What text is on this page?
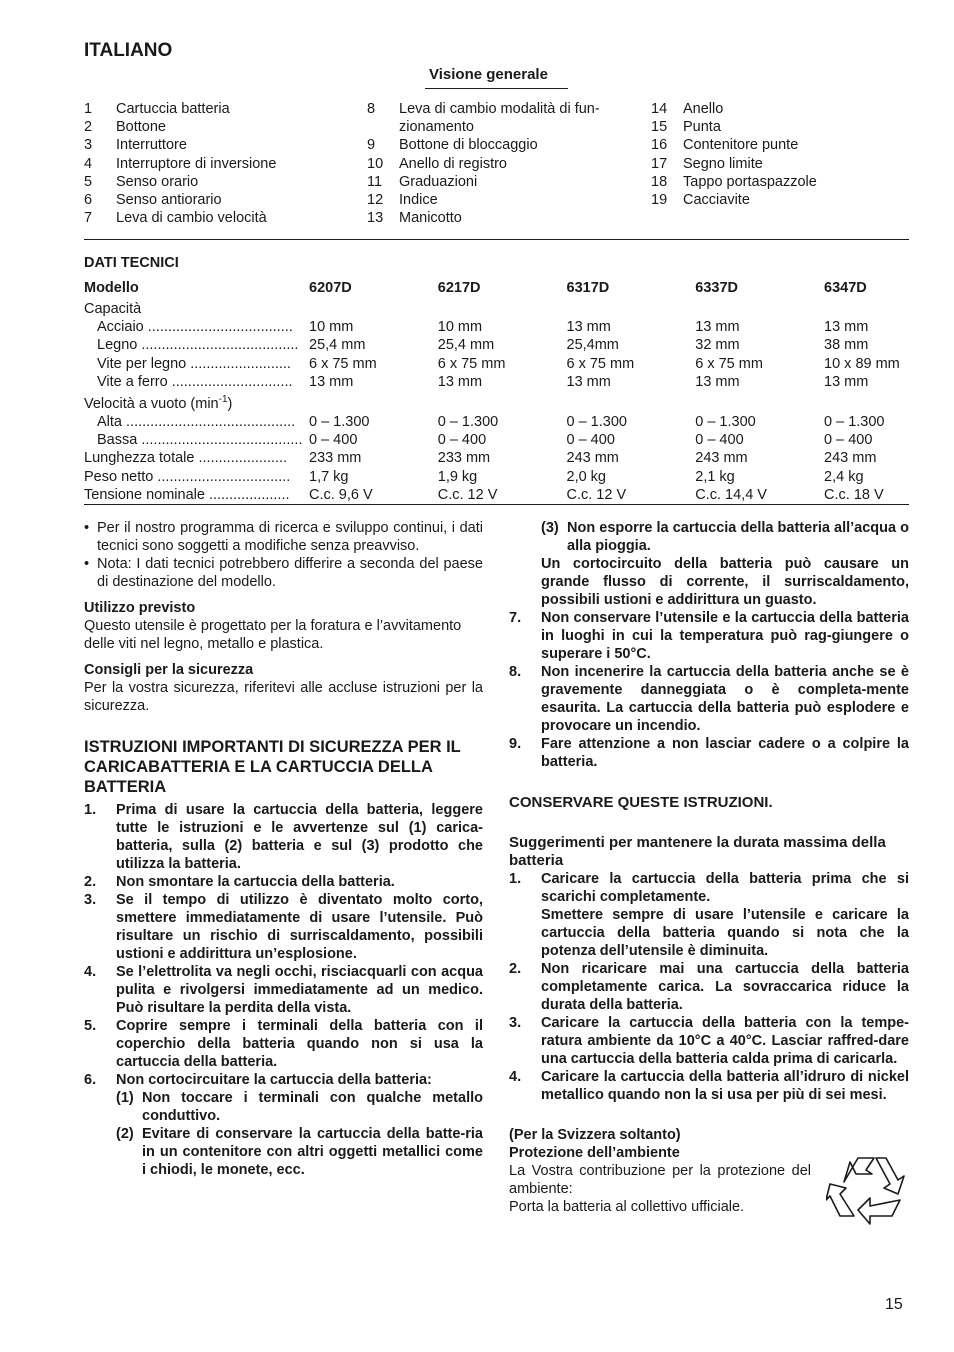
ITALIANO
Visione generale
1	Cartuccia batteria
2	Bottone
3	Interruttore
4	Interruptore di inversione
5	Senso orario
6	Senso antiorario
7	Leva di cambio velocità
8	Leva di cambio modalità di fun-
zionamento
9	Bottone di bloccaggio
10	Anello di registro
11	Graduazioni
12	Indice
13	Manicotto
14	Anello
15	Punta
16	Contenitore punte
17	Segno limite
18	Tappo portaspazzole
19	Cacciavite
DATI TECNICI
Modello	6207D	6217D	6317D	6337D	6347D

Capacità					

Acciaio ....................................	10 mm	10 mm	13 mm	13 mm	13 mm

Legno .......................................	25,4 mm	25,4 mm	25,4mm	32 mm	38 mm

Vite per legno .........................	6 x 75 mm	6 x 75 mm	6 x 75 mm	6 x 75 mm	10 x 89 mm

Vite a ferro ..............................	13 mm	13 mm	13 mm	13 mm	13 mm

Velocità a vuoto $(\min^{-1})$					

Alta ..........................................	0 – 1.300	0 – 1.300	0 – 1.300	0 – 1.300	0 – 1.300

Bassa ........................................	0 – 400	0 – 400	0 – 400	0 – 400	0 – 400

Lunghezza totale ......................	233 mm	233 mm	243 mm	243 mm	243 mm

Peso netto .................................	1,7 kg	1,9 kg	2,0 kg	2,1 kg	2,4 kg

Tensione nominale ....................	C.c. 9,6 V	C.c. 12 V	C.c. 12 V	C.c. 14,4 V	C.c. 18 V
• Per il nostro programma di ricerca e sviluppo continui, i dati tecnici sono soggetti a modifiche senza preavviso.
• Nota: I dati tecnici potrebbero differire a seconda del paese di destinazione del modello.
Utilizzo previsto
Questo utensile è progettato per la foratura e l’avvitamento delle viti nel legno, metallo e plastica.
Consigli per la sicurezza
Per la vostra sicurezza, riferitevi alle accluse istruzioni per la sicurezza.
ISTRUZIONI IMPORTANTI DI SICUREZZA PER IL CARICABATTERIA E LA CARTUCCIA DELLA BATTERIA
1.	Prima di usare la cartuccia della batteria, leggere tutte le istruzioni e le avvertenze sul (1) carica-batteria, sulla (2) batteria e sul (3) prodotto che utilizza la batteria.
2.	Non smontare la cartuccia della batteria.
3.	Se il tempo di utilizzo è diventato molto corto, smettere immediatamente di usare l’utensile. Può risultare un rischio di surriscaldamento, possibili ustioni e addirittura un’esplosione.
4.	Se l’elettrolita va negli occhi, risciacquarli con acqua pulita e rivolgersi immediatamente ad un medico. Può risultare la perdita della vista.
5.	Coprire sempre i terminali della batteria con il coperchio della batteria quando non si usa la cartuccia della batteria.
6.	Non cortocircuitare la cartuccia della batteria:
(1) Non toccare i terminali con qualche metallo conduttivo.
(2) Evitare di conservare la cartuccia della batte-ria in un contenitore con altri oggetti metallici come i chiodi, le monete, ecc.
(3) Non esporre la cartuccia della batteria all’acqua o alla pioggia.
Un cortocircuito della batteria può causare un grande flusso di corrente, il surriscaldamento, possibili ustioni e addirittura un guasto.
7.	Non conservare l’utensile e la cartuccia della batteria in luoghi in cui la temperatura può rag-giungere o superare i 50°C.
8.	Non incenerire la cartuccia della batteria anche se è gravemente danneggiata o è completa-mente esaurita. La cartuccia della batteria può esplodere e provocare un incendio.
9.	Fare attenzione a non lasciar cadere o a colpire la batteria.
CONSERVARE QUESTE ISTRUZIONI.
Suggerimenti per mantenere la durata massima della batteria
1.	Caricare la cartuccia della batteria prima che si scarichi completamente.
Smettere sempre di usare l’utensile e caricare la cartuccia della batteria quando si nota che la potenza dell’utensile è diminuita.
2.	Non ricaricare mai una cartuccia della batteria completamente carica. La sovraccarica riduce la durata della batteria.
3.	Caricare la cartuccia della batteria con la tempe-ratura ambiente da 10°C a 40°C. Lasciar raffred-dare una cartuccia della batteria calda prima di caricarla.
4.	Caricare la cartuccia della batteria all’idruro di nickel metallico quando non la si usa per più di sei mesi.
(Per la Svizzera soltanto)
Protezione dell’ambiente
La Vostra contribuzione per la protezione del ambiente:
Porta la batteria al collettivo ufficiale.
15
